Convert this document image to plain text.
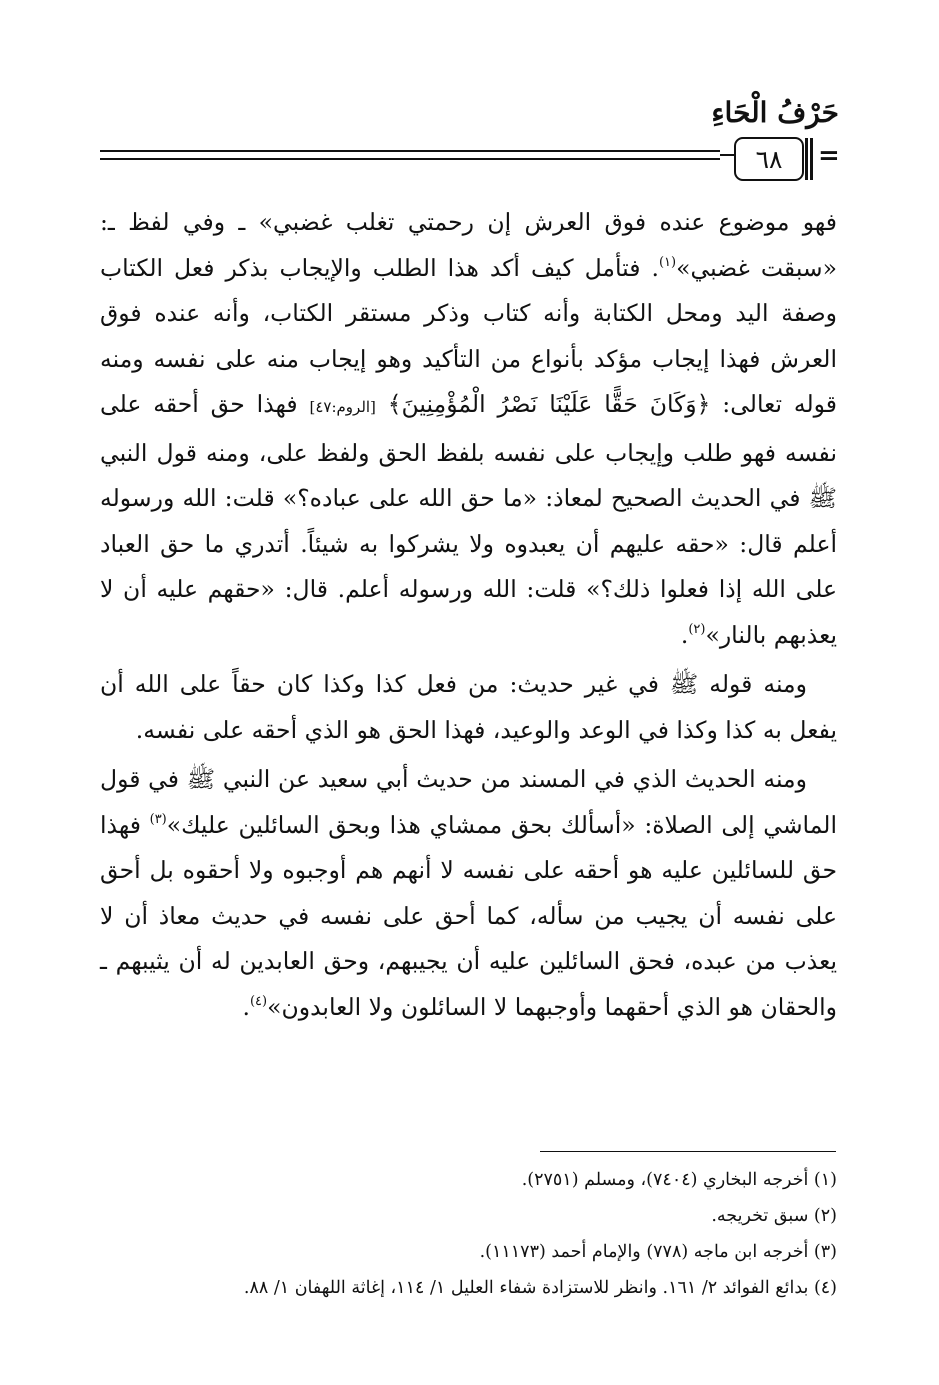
حَرْفُ الْحَاءِ
٦٨	=

فهو موضوع عنده فوق العرش إن رحمتي تغلب غضبي» ـ وفي لفظ ـ: «سبقت غضبي»$^{(١)}$. فتأمل كيف أكد هذا الطلب والإيجاب بذكر فعل الكتاب وصفة اليد ومحل الكتابة وأنه كتاب وذكر مستقر الكتاب، وأنه عنده فوق العرش فهذا إيجاب مؤكد بأنواع من التأكيد وهو إيجاب منه على نفسه ومنه قوله تعالى: ﴿وَكَانَ حَقًّا عَلَيْنَا نَصْرُ الْمُؤْمِنِينَ﴾ [الروم:٤٧] فهذا حق أحقه على نفسه فهو طلب وإيجاب على نفسه بلفظ الحق ولفظ على، ومنه قول النبي ﷺ في الحديث الصحيح لمعاذ: «ما حق الله على عباده؟» قلت: الله ورسوله أعلم قال: «حقه عليهم أن يعبدوه ولا يشركوا به شيئاً. أتدري ما حق العباد على الله إذا فعلوا ذلك؟» قلت: الله ورسوله أعلم. قال: «حقهم عليه أن لا يعذبهم بالنار»$^{(٢)}$.

ومنه قوله ﷺ في غير حديث: من فعل كذا وكذا كان حقاً على الله أن يفعل به كذا وكذا في الوعد والوعيد، فهذا الحق هو الذي أحقه على نفسه.

ومنه الحديث الذي في المسند من حديث أبي سعيد عن النبي ﷺ في قول الماشي إلى الصلاة: «أسألك بحق ممشاي هذا وبحق السائلين عليك»$^{(٣)}$ فهذا حق للسائلين عليه هو أحقه على نفسه لا أنهم هم أوجبوه ولا أحقوه بل أحق على نفسه أن يجيب من سأله، كما أحق على نفسه في حديث معاذ أن لا يعذب من عبده، فحق السائلين عليه أن يجيبهم، وحق العابدين له أن يثيبهم ـ والحقان هو الذي أحقهما وأوجبهما لا السائلون ولا العابدون»$^{(٤)}$.

(١) أخرجه البخاري (٧٤٠٤)، ومسلم (٢٧٥١).
(٢) سبق تخريجه.
(٣) أخرجه ابن ماجه (٧٧٨) والإمام أحمد (١١١٧٣).
(٤) بدائع الفوائد ٢/ ١٦١. وانظر للاستزادة شفاء العليل ١/ ١١٤، إغاثة اللهفان ١/ ٨٨.
